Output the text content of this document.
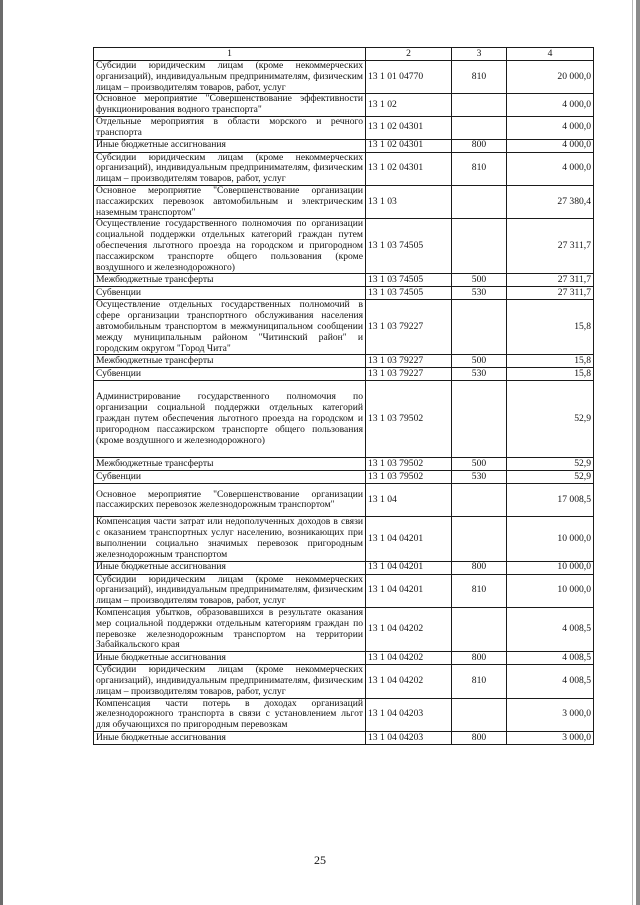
1	2	3	4
Субсидии юридическим лицам (кроме некоммерческих организаций), индивидуальным предпринимателям, физическим лицам – производителям товаров, работ, услуг	13 1 01 04770	810	20 000,0
Основное мероприятие "Совершенствование эффективности функционирования водного транспорта"	13 1 02		4 000,0
Отдельные мероприятия в области морского и речного транспорта	13 1 02 04301		4 000,0
Иные бюджетные ассигнования	13 1 02 04301	800	4 000,0
Субсидии юридическим лицам (кроме некоммерческих организаций), индивидуальным предпринимателям, физическим лицам – производителям товаров, работ, услуг	13 1 02 04301	810	4 000,0
Основное мероприятие "Совершенствование организации пассажирских перевозок автомобильным и электрическим наземным транспортом"	13 1 03		27 380,4
Осуществление государственного полномочия по организации социальной поддержки отдельных категорий граждан путем обеспечения льготного проезда на городском и пригородном пассажирском транспорте общего пользования (кроме воздушного и железнодорожного)	13 1 03 74505		27 311,7
Межбюджетные трансферты	13 1 03 74505	500	27 311,7
Субвенции	13 1 03 74505	530	27 311,7
Осуществление отдельных государственных полномочий в сфере организации транспортного обслуживания населения автомобильным транспортом в межмуниципальном сообщении между муниципальным районом "Читинский район" и городским округом "Город Чита"	13 1 03 79227		15,8
Межбюджетные трансферты	13 1 03 79227	500	15,8
Субвенции	13 1 03 79227	530	15,8
Администрирование государственного полномочия по организации социальной поддержки отдельных категорий граждан путем обеспечения льготного проезда на городском и пригородном пассажирском транспорте общего пользования (кроме воздушного и железнодорожного)	13 1 03 79502		52,9
Межбюджетные трансферты	13 1 03 79502	500	52,9
Субвенции	13 1 03 79502	530	52,9
Основное мероприятие "Совершенствование организации пассажирских перевозок железнодорожным транспортом"	13 1 04		17 008,5
Компенсация части затрат или недополученных доходов в связи с оказанием транспортных услуг населению, возникающих при выполнении социально значимых перевозок пригородным железнодорожным транспортом	13 1 04 04201		10 000,0
Иные бюджетные ассигнования	13 1 04 04201	800	10 000,0
Субсидии юридическим лицам (кроме некоммерческих организаций), индивидуальным предпринимателям, физическим лицам – производителям товаров, работ, услуг	13 1 04 04201	810	10 000,0
Компенсация убытков, образовавшихся в результате оказания мер социальной поддержки отдельным категориям граждан по перевозке железнодорожным транспортом на территории Забайкальского края	13 1 04 04202		4 008,5
Иные бюджетные ассигнования	13 1 04 04202	800	4 008,5
Субсидии юридическим лицам (кроме некоммерческих организаций), индивидуальным предпринимателям, физическим лицам – производителям товаров, работ, услуг	13 1 04 04202	810	4 008,5
Компенсация части потерь в доходах организаций железнодорожного транспорта в связи с установлением льгот для обучающихся по пригородным перевозкам	13 1 04 04203		3 000,0
Иные бюджетные ассигнования	13 1 04 04203	800	3 000,0
25
